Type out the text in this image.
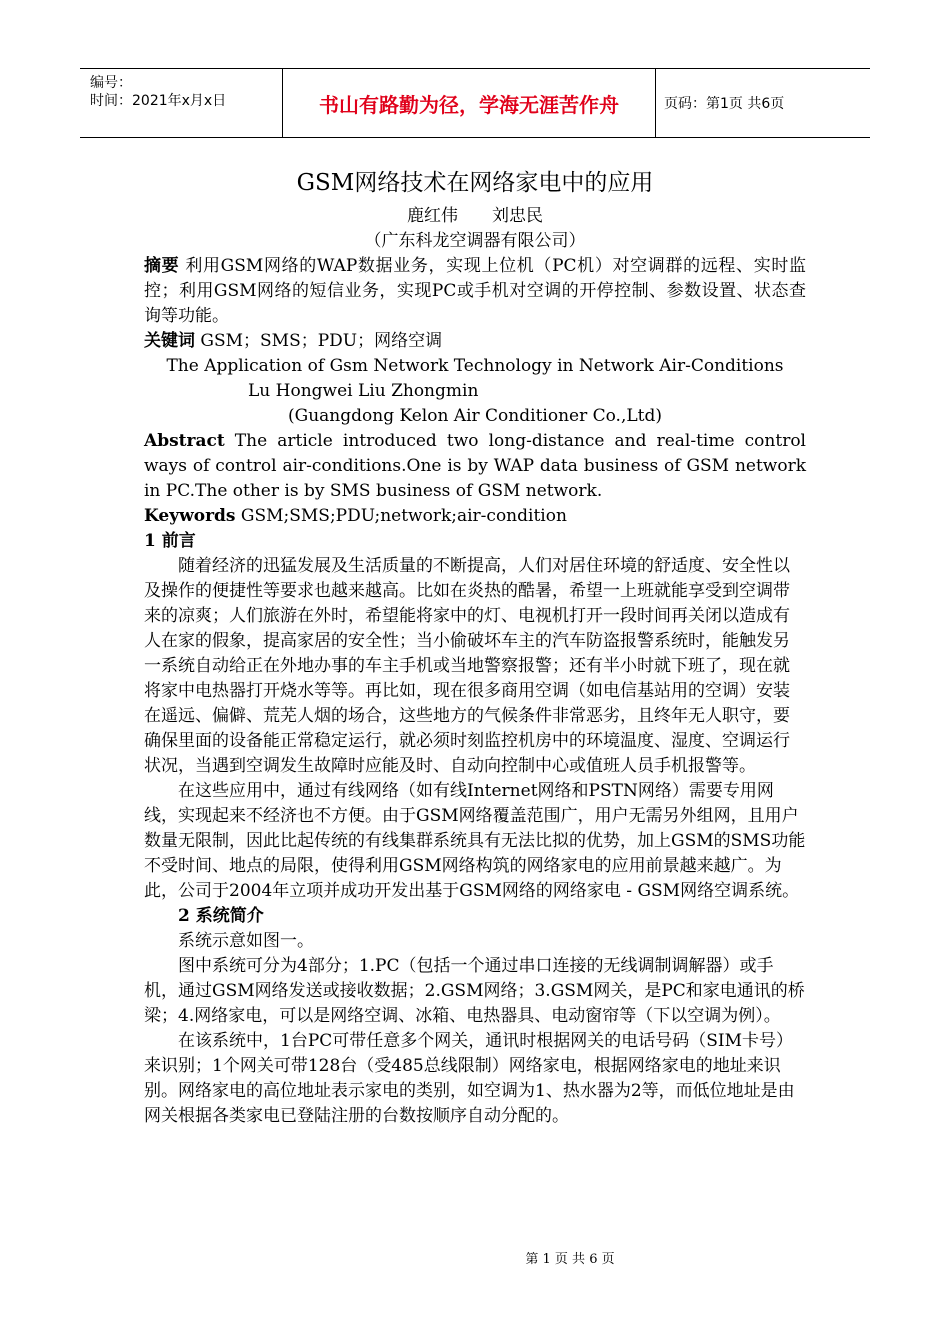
编号：
时间：2021年x月x日	书山有路勤为径，学海无涯苦作舟	页码：第1页 共6页
GSM网络技术在网络家电中的应用

鹿红伟　　刘忠民

（广东科龙空调器有限公司）

摘要 利用GSM网络的WAP数据业务，实现上位机（PC机）对空调群的远程、实时监控；利用GSM网络的短信业务，实现PC或手机对空调的开停控制、参数设置、状态查询等功能。

关键词 GSM；SMS；PDU；网络空调

The Application of Gsm Network Technology in Network Air-Conditions

Lu Hongwei Liu Zhongmin

(Guangdong Kelon Air Conditioner Co.,Ltd)

Abstract The article introduced two long-distance and real-time control ways of control air-conditions.One is by WAP data business of GSM network in PC.The other is by SMS business of GSM network.

Keywords GSM;SMS;PDU;network;air-condition

1 前言

随着经济的迅猛发展及生活质量的不断提高，人们对居住环境的舒适度、安全性以及操作的便捷性等要求也越来越高。比如在炎热的酷暑，希望一上班就能享受到空调带来的凉爽；人们旅游在外时，希望能将家中的灯、电视机打开一段时间再关闭以造成有人在家的假象，提高家居的安全性；当小偷破坏车主的汽车防盗报警系统时，能触发另一系统自动给正在外地办事的车主手机或当地警察报警；还有半小时就下班了，现在就将家中电热器打开烧水等等。再比如，现在很多商用空调（如电信基站用的空调）安装在遥远、偏僻、荒芜人烟的场合，这些地方的气候条件非常恶劣，且终年无人职守，要确保里面的设备能正常稳定运行，就必须时刻监控机房中的环境温度、湿度、空调运行状况，当遇到空调发生故障时应能及时、自动向控制中心或值班人员手机报警等。

在这些应用中，通过有线网络（如有线Internet网络和PSTN网络）需要专用网线，实现起来不经济也不方便。由于GSM网络覆盖范围广，用户无需另外组网，且用户数量无限制，因此比起传统的有线集群系统具有无法比拟的优势，加上GSM的SMS功能不受时间、地点的局限，使得利用GSM网络构筑的网络家电的应用前景越来越广。为此，公司于2004年立项并成功开发出基于GSM网络的网络家电 - GSM网络空调系统。

2 系统简介

系统示意如图一。

图中系统可分为4部分；1.PC（包括一个通过串口连接的无线调制调解器）或手机，通过GSM网络发送或接收数据；2.GSM网络；3.GSM网关，是PC和家电通讯的桥梁；4.网络家电，可以是网络空调、冰箱、电热器具、电动窗帘等（下以空调为例）。

在该系统中，1台PC可带任意多个网关，通讯时根据网关的电话号码（SIM卡号）来识别；1个网关可带128台（受485总线限制）网络家电，根据网络家电的地址来识别。网络家电的高位地址表示家电的类别，如空调为1、热水器为2等，而低位地址是由网关根据各类家电已登陆注册的台数按顺序自动分配的。

第 1 页 共 6 页
